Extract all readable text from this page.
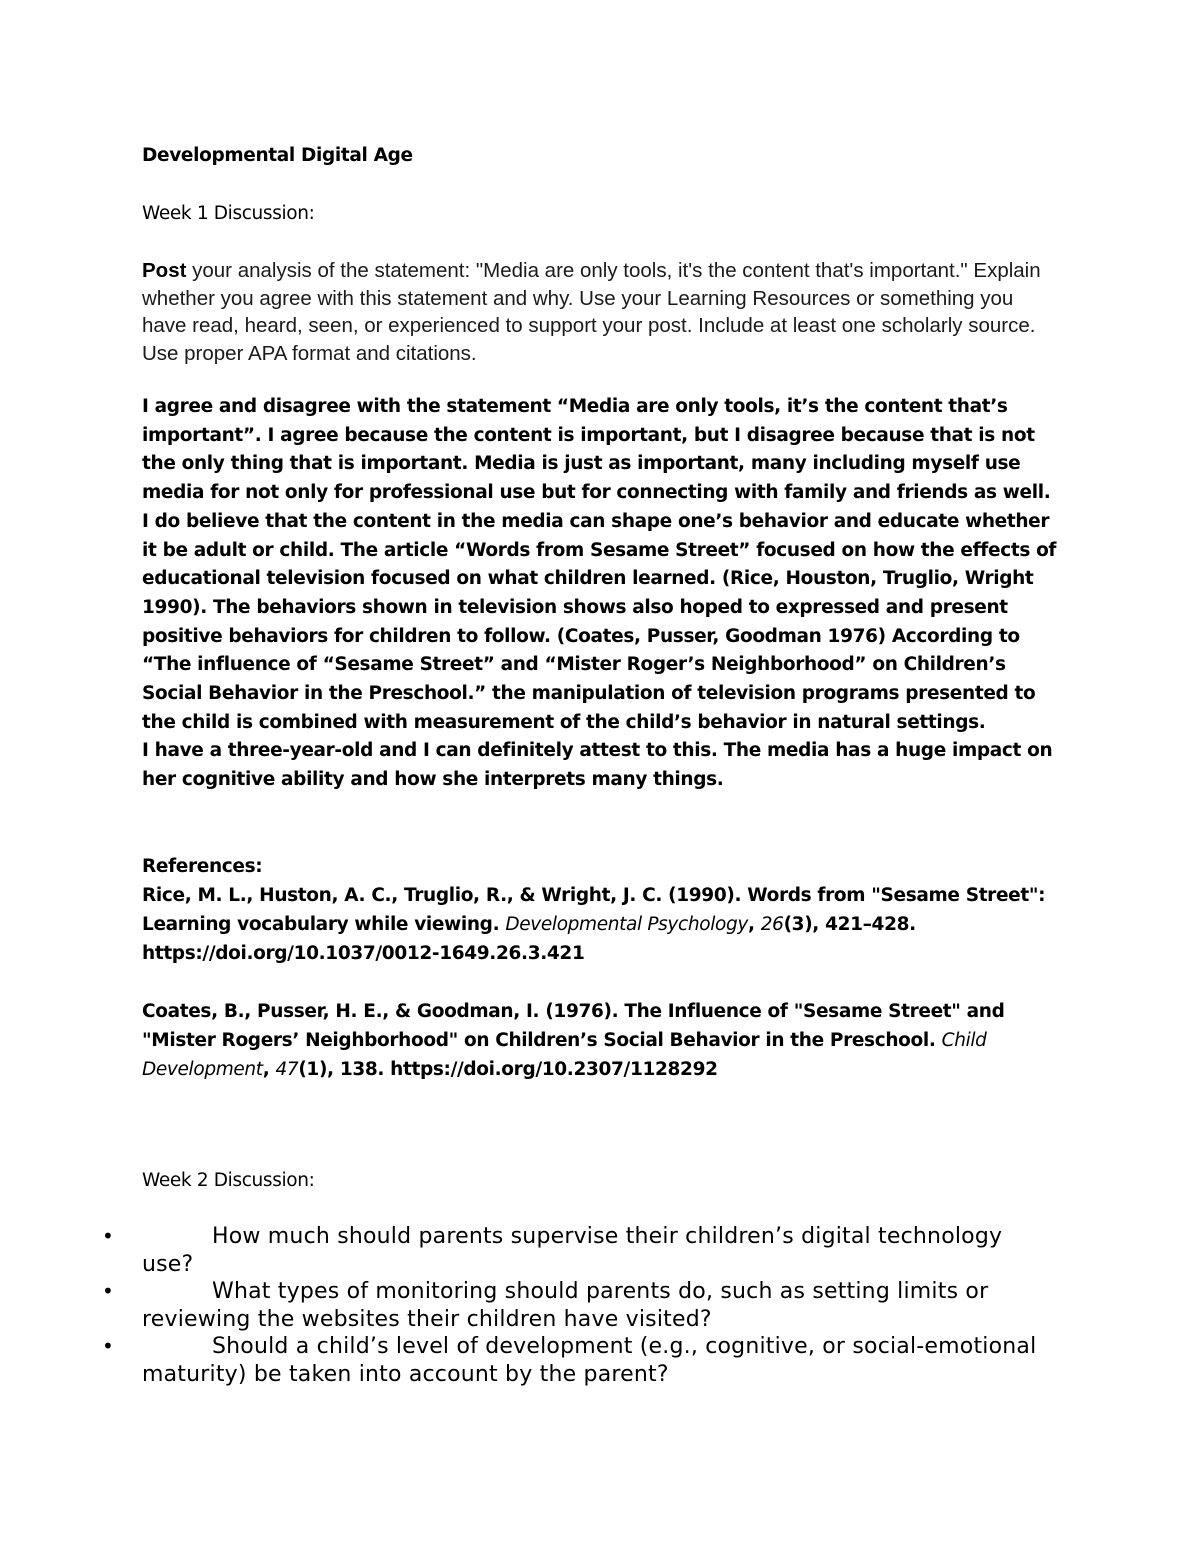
Developmental Digital Age
Week 1 Discussion:
Post your analysis of the statement: "Media are only tools, it's the content that's important." Explain whether you agree with this statement and why. Use your Learning Resources or something you have read, heard, seen, or experienced to support your post. Include at least one scholarly source. Use proper APA format and citations.

I agree and disagree with the statement “Media are only tools, it’s the content that’s important”. I agree because the content is important, but I disagree because that is not the only thing that is important. Media is just as important, many including myself use media for not only for professional use but for connecting with family and friends as well. I do believe that the content in the media can shape one’s behavior and educate whether it be adult or child. The article “Words from Sesame Street” focused on how the effects of educational television focused on what children learned. (Rice, Houston, Truglio, Wright 1990). The behaviors shown in television shows also hoped to expressed and present positive behaviors for children to follow. (Coates, Pusser, Goodman 1976) According to “The influence of “Sesame Street” and “Mister Roger’s Neighborhood” on Children’s Social Behavior in the Preschool.” the manipulation of television programs presented to the child is combined with measurement of the child’s behavior in natural settings.

I have a three-year-old and I can definitely attest to this. The media has a huge impact on her cognitive ability and how she interprets many things.

References:

Rice, M. L., Huston, A. C., Truglio, R., & Wright, J. C. (1990). Words from "Sesame Street": Learning vocabulary while viewing. Developmental Psychology, 26(3), 421–428. https://doi.org/10.1037/0012-1649.26.3.421

Coates, B., Pusser, H. E., & Goodman, I. (1976). The Influence of "Sesame Street" and "Mister Rogers’ Neighborhood" on Children’s Social Behavior in the Preschool. Child Development, 47(1), 138. https://doi.org/10.2307/1128292

Week 2 Discussion:
•	How much should parents supervise their children’s digital technology use?
•	What types of monitoring should parents do, such as setting limits or reviewing the websites their children have visited?
•	Should a child’s level of development (e.g., cognitive, or social-emotional maturity) be taken into account by the parent?
